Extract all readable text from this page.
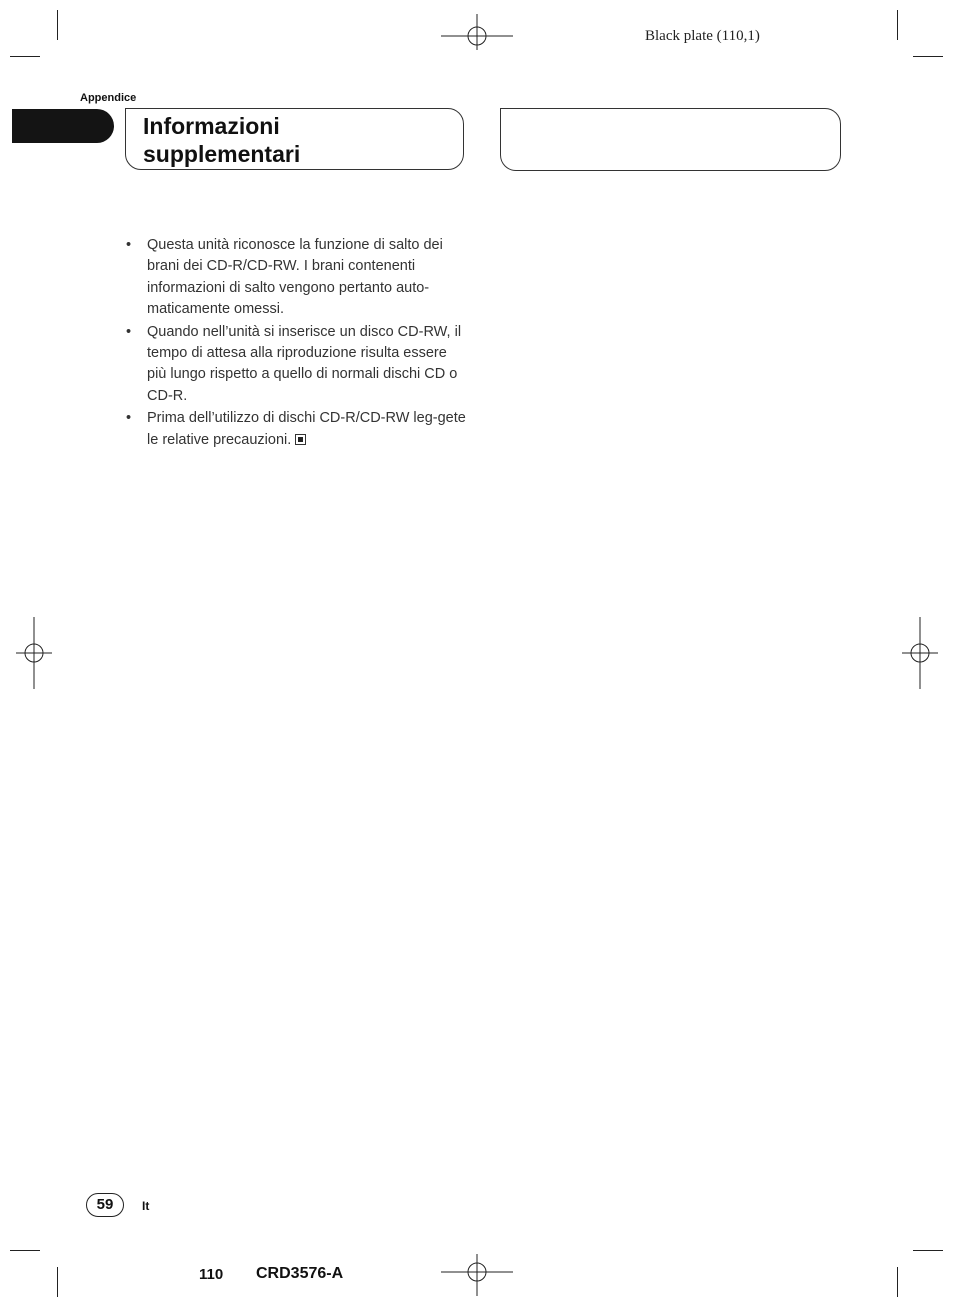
Black plate (110,1)
Appendice
Informazioni supplementari
• Questa unità riconosce la funzione di salto dei brani dei CD-R/CD-RW. I brani contenenti informazioni di salto vengono pertanto auto-maticamente omessi.
• Quando nell’unità si inserisce un disco CD-RW, il tempo di attesa alla riproduzione risulta essere più lungo rispetto a quello di normali dischi CD o CD-R.
• Prima dell’utilizzo di dischi CD-R/CD-RW leg-gete le relative precauzioni.
59	It
110 CRD3576-A
